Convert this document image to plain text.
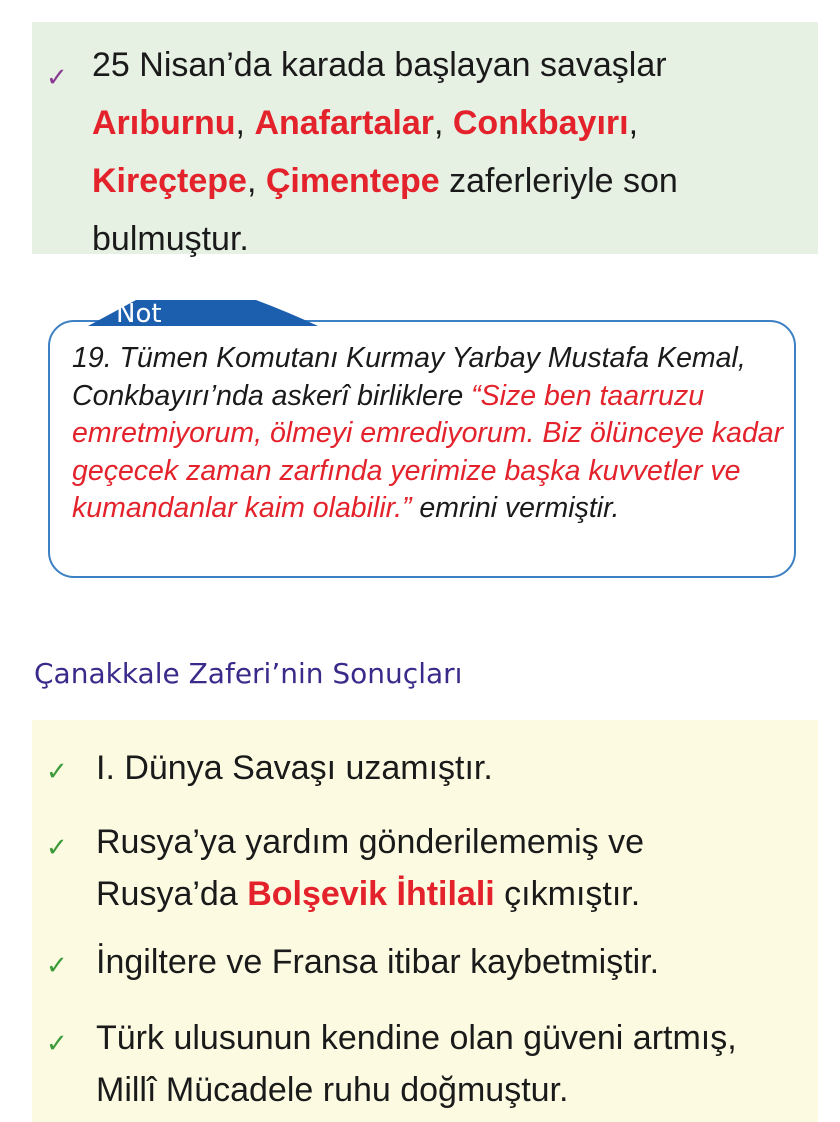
✓ 25 Nisan’da karada başlayan savaşlar
Arıburnu, Anafartalar, Conkbayırı,
Kireçtepe, Çimentepe zaferleriyle son
bulmuştur.
19. Tümen Komutanı Kurmay Yarbay Mustafa Kemal, Conkbayırı’nda askerî birliklere “Size ben taarruzu emretmiyorum, ölmeyi emrediyorum. Biz ölünceye kadar geçecek zaman zarfında yerimize başka kuvvetler ve kumandanlar kaim olabilir.” emrini vermiştir.
Not
Çanakkale Zaferi’nin Sonuçları
✓ I. Dünya Savaşı uzamıştır.
✓ Rusya’ya yardım gönderilememiş ve
Rusya’da Bolşevik İhtilali çıkmıştır.
✓ İngiltere ve Fransa itibar kaybetmiştir.
✓ Türk ulusunun kendine olan güveni artmış,
Millî Mücadele ruhu doğmuştur.
